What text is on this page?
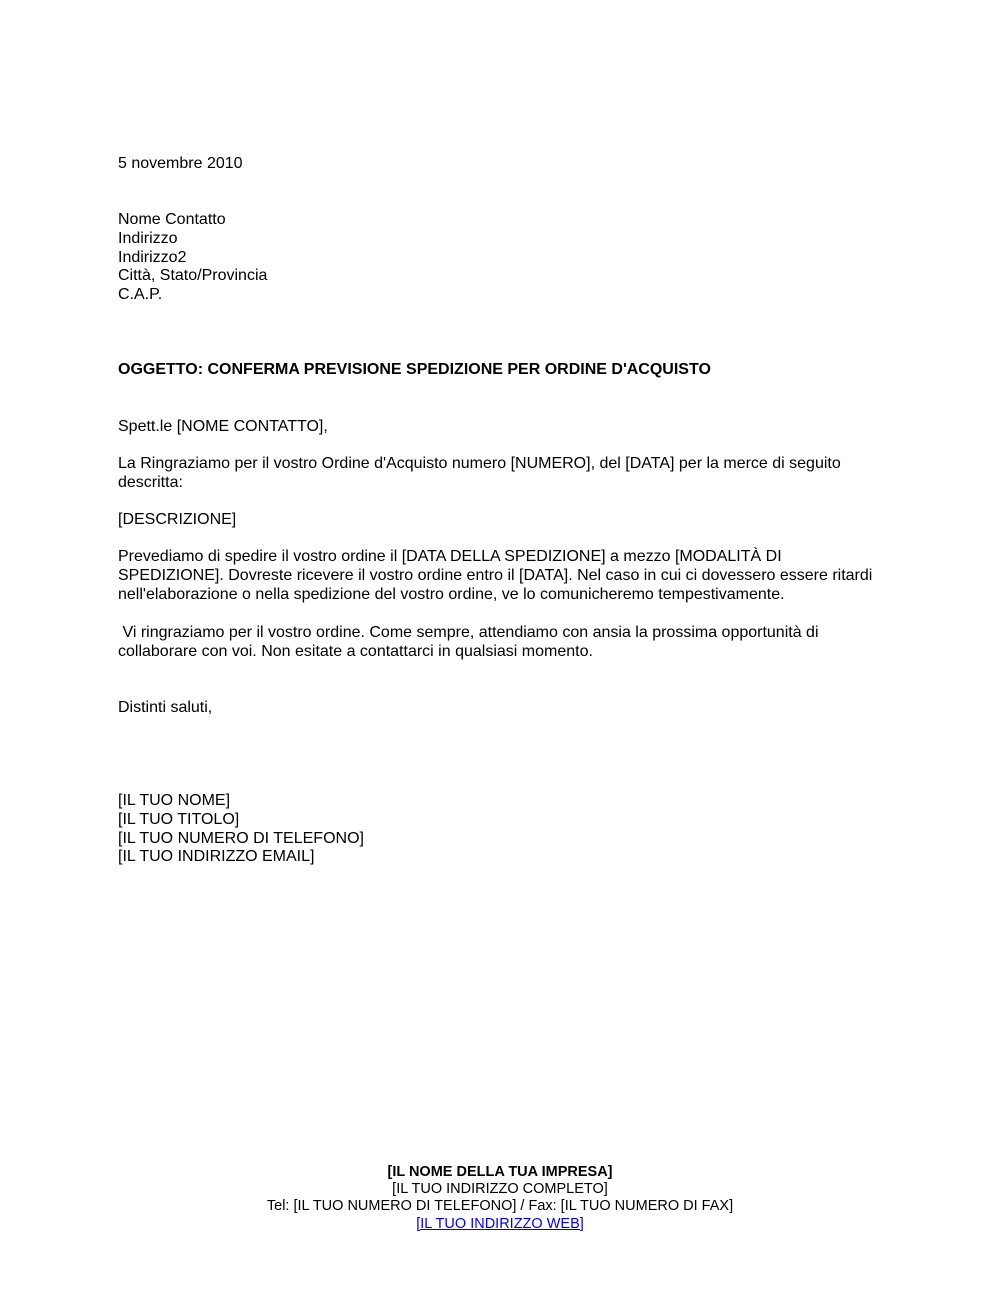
5 novembre 2010

Nome Contatto
Indirizzo
Indirizzo2
Città, Stato/Provincia
C.A.P.

OGGETTO: CONFERMA PREVISIONE SPEDIZIONE PER ORDINE D'ACQUISTO

Spett.le [NOME CONTATTO],

La Ringraziamo per il vostro Ordine d'Acquisto numero [NUMERO], del [DATA] per la merce di seguito descritta:

[DESCRIZIONE]

Prevediamo di spedire il vostro ordine il [DATA DELLA SPEDIZIONE] a mezzo [MODALITÀ DI SPEDIZIONE]. Dovreste ricevere il vostro ordine entro il [DATA]. Nel caso in cui ci dovessero essere ritardi nell'elaborazione o nella spedizione del vostro ordine, ve lo comunicheremo tempestivamente.

Vi ringraziamo per il vostro ordine. Come sempre, attendiamo con ansia la prossima opportunità di collaborare con voi. Non esitate a contattarci in qualsiasi momento.

Distinti saluti,

[IL TUO NOME]
[IL TUO TITOLO]
[IL TUO NUMERO DI TELEFONO]
[IL TUO INDIRIZZO EMAIL]
[IL NOME DELLA TUA IMPRESA]
[IL TUO INDIRIZZO COMPLETO]
Tel: [IL TUO NUMERO DI TELEFONO] / Fax: [IL TUO NUMERO DI FAX]
[IL TUO INDIRIZZO WEB]
